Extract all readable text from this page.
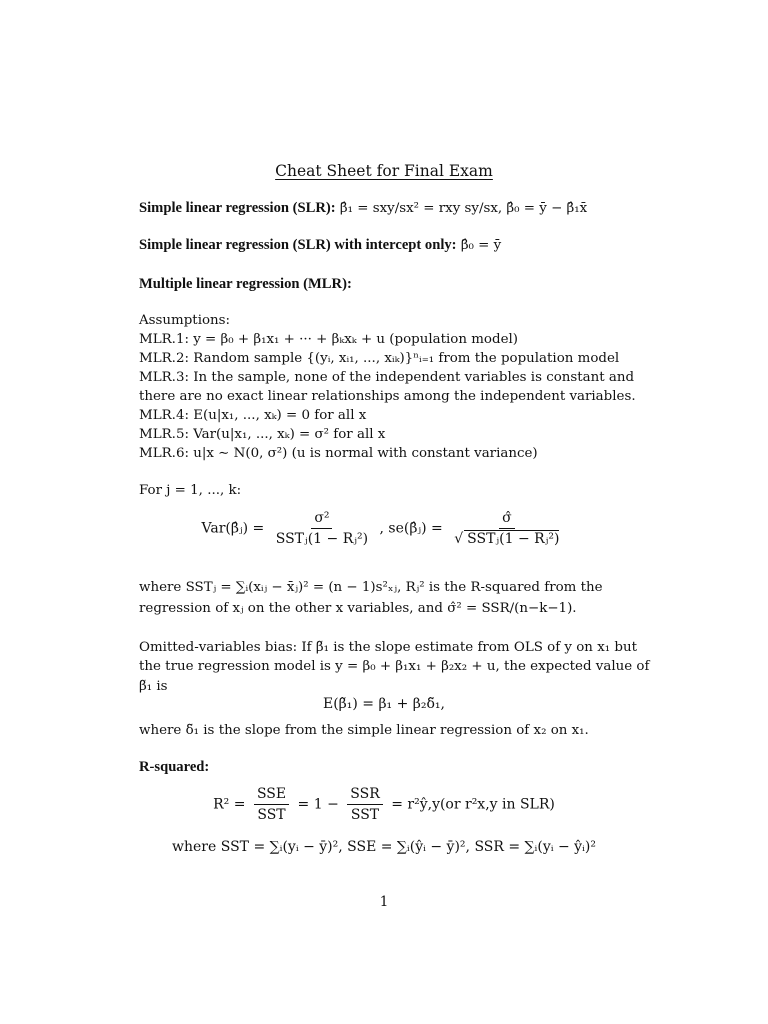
Cheat Sheet for Final Exam
Simple linear regression (SLR): β̂₁ = sxy/sx² = rxy sy/sx, β̂₀ = ȳ − β̂₁x̄
Simple linear regression (SLR) with intercept only: β̂₀ = ȳ
Multiple linear regression (MLR):
Assumptions:
MLR.1: y = β₀ + β₁x₁ + ··· + βₖxₖ + u (population model)
MLR.2: Random sample {(yᵢ, xᵢ₁, ..., xᵢₖ)}ⁿᵢ₌₁ from the population model
MLR.3: In the sample, none of the independent variables is constant and
there are no exact linear relationships among the independent variables.
MLR.4: E(u|x₁, ..., xₖ) = 0 for all x
MLR.5: Var(u|x₁, ..., xₖ) = σ² for all x
MLR.6: u|x ∼ N(0, σ²) (u is normal with constant variance)
For j = 1, ..., k:
Var(β̂ⱼ) = $\frac{\text{σ²}}{\text{SSTⱼ(1 − Rⱼ²)}}$ , se(β̂ⱼ) = $\frac{\sigmâ}{\text{√ SSTⱼ(1 − Rⱼ²)}}$
where SSTⱼ = ∑ᵢ(xᵢⱼ − x̄ⱼ)² = (n − 1)s²ₓⱼ, Rⱼ² is the R-squared from the
regression of xⱼ on the other x variables, and σ̂² = SSR/(n−k−1).
Omitted-variables bias: If β̃₁ is the slope estimate from OLS of y on x₁ but
the true regression model is y = β₀ + β₁x₁ + β₂x₂ + u, the expected value of
β̃₁ is
E(β̃₁) = β₁ + β₂δ̃₁,
where δ̃₁ is the slope from the simple linear regression of x₂ on x₁.
R-squared:
$R^2 = \frac{\text{SSE}}{\text{SST}} = 1 - \frac{\text{SSR}}{\text{SST}}$ = r²ŷ,y(or r²x,y in SLR)
where SST = ∑ᵢ(yᵢ − ȳ)², SSE = ∑ᵢ(ŷᵢ − ȳ)², SSR = ∑ᵢ(yᵢ − ŷᵢ)²
1
